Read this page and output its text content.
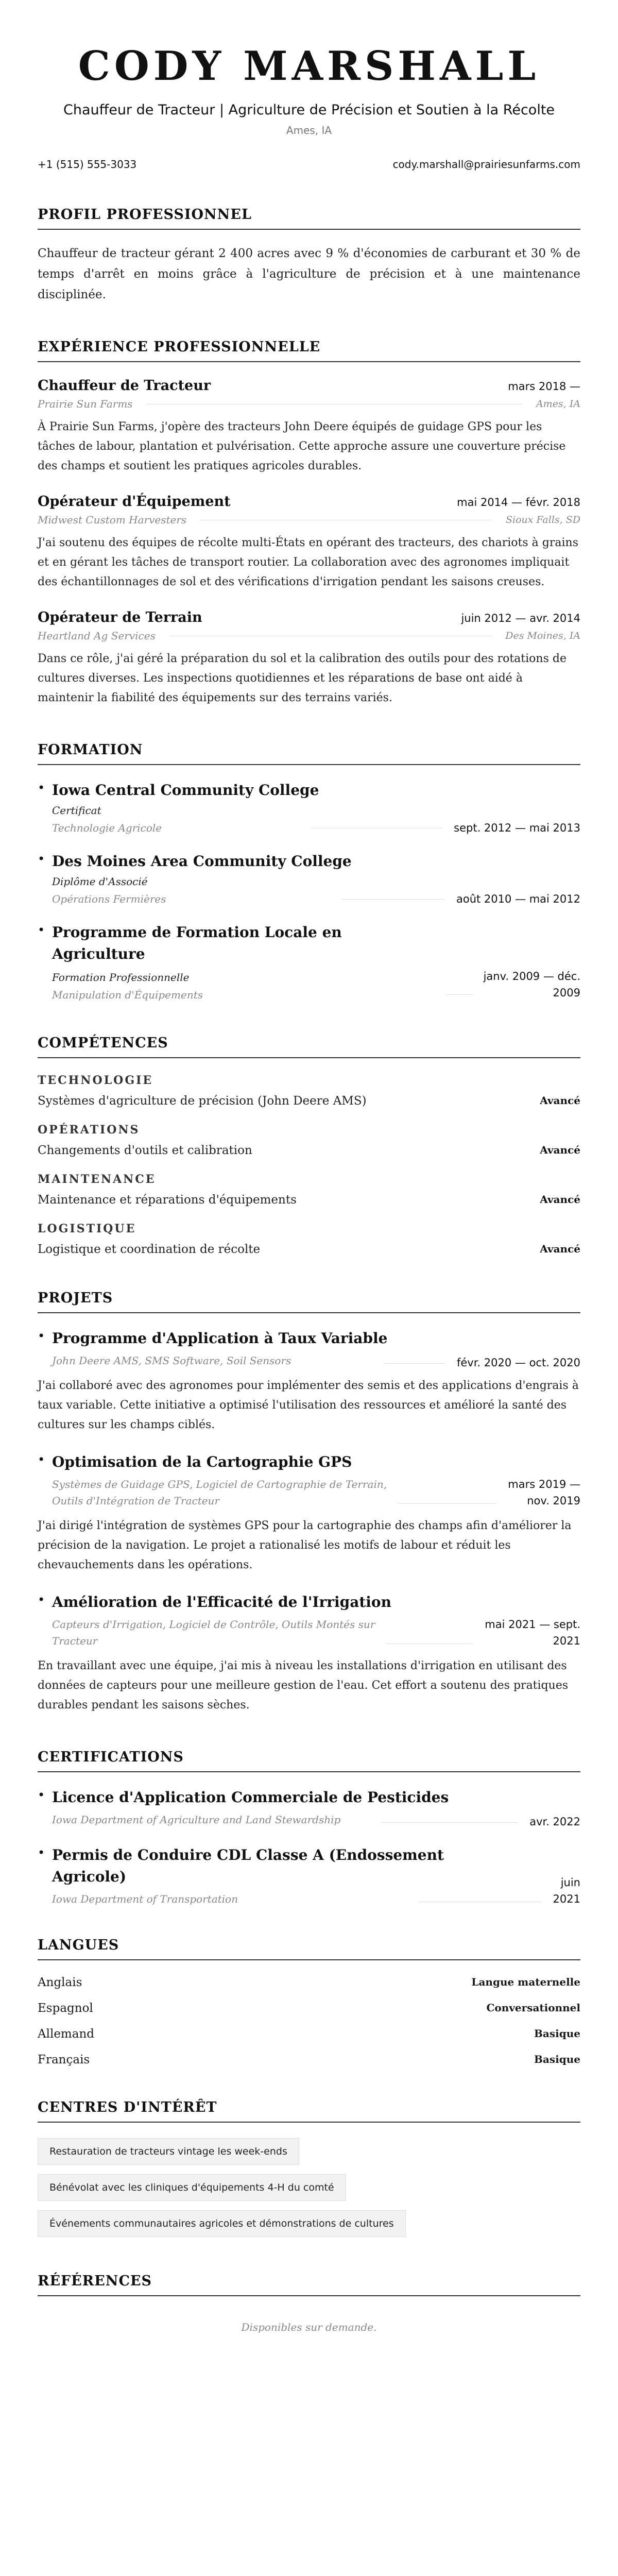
CODY MARSHALL
Chauffeur de Tracteur | Agriculture de Précision et Soutien à la Récolte
Ames, IA
+1 (515) 555-3033	cody.marshall@prairiesunfarms.com
PROFIL PROFESSIONNEL

Chauffeur de tracteur gérant 2 400 acres avec 9 % d'économies de carburant et 30 % de temps d'arrêt en moins grâce à l'agriculture de précision et à une maintenance disciplinée.

EXPÉRIENCE PROFESSIONNELLE
Chauffeur de Tracteur	mars 2018 —
Prairie Sun Farms	Ames, IA

À Prairie Sun Farms, j'opère des tracteurs John Deere équipés de guidage GPS pour les tâches de labour, plantation et pulvérisation. Cette approche assure une couverture précise des champs et soutient les pratiques agricoles durables.

Opérateur d'Équipement	mai 2014 — févr. 2018
Midwest Custom Harvesters	Sioux Falls, SD

J'ai soutenu des équipes de récolte multi-États en opérant des tracteurs, des chariots à grains et en gérant les tâches de transport routier. La collaboration avec des agronomes impliquait des échantillonnages de sol et des vérifications d'irrigation pendant les saisons creuses.

Opérateur de Terrain	juin 2012 — avr. 2014
Heartland Ag Services	Des Moines, IA

Dans ce rôle, j'ai géré la préparation du sol et la calibration des outils pour des rotations de cultures diverses. Les inspections quotidiennes et les réparations de base ont aidé à maintenir la fiabilité des équipements sur des terrains variés.

FORMATION
• Iowa Central Community College
Certificat
Technologie Agricole	sept. 2012 — mai 2013
• Des Moines Area Community College
Diplôme d'Associé
Opérations Fermières	août 2010 — mai 2012
• Programme de Formation Locale en Agriculture
Formation Professionnelle
Manipulation d'Équipements
janv. 2009 — déc.
2009
COMPÉTENCES
TECHNOLOGIE
Systèmes d'agriculture de précision (John Deere AMS)	Avancé
OPÉRATIONS
Changements d'outils et calibration	Avancé
MAINTENANCE
Maintenance et réparations d'équipements	Avancé
LOGISTIQUE
Logistique et coordination de récolte	Avancé
PROJETS
• Programme d'Application à Taux Variable
John Deere AMS, SMS Software, Soil Sensors	févr. 2020 — oct. 2020

J'ai collaboré avec des agronomes pour implémenter des semis et des applications d'engrais à taux variable. Cette initiative a optimisé l'utilisation des ressources et amélioré la santé des cultures sur les champs ciblés.

• Optimisation de la Cartographie GPS
Systèmes de Guidage GPS, Logiciel de Cartographie de Terrain,
Outils d'Intégration de Tracteur
mars 2019 —
nov. 2019

J'ai dirigé l'intégration de systèmes GPS pour la cartographie des champs afin d'améliorer la précision de la navigation. Le projet a rationalisé les motifs de labour et réduit les chevauchements dans les opérations.

• Amélioration de l'Efficacité de l'Irrigation
Capteurs d'Irrigation, Logiciel de Contrôle, Outils Montés sur
Tracteur
mai 2021 — sept.
2021

En travaillant avec une équipe, j'ai mis à niveau les installations d'irrigation en utilisant des données de capteurs pour une meilleure gestion de l'eau. Cet effort a soutenu des pratiques durables pendant les saisons sèches.

CERTIFICATIONS
• Licence d'Application Commerciale de Pesticides
Iowa Department of Agriculture and Land Stewardship	avr. 2022
• Permis de Conduire CDL Classe A (Endossement Agricole)
Iowa Department of Transportation
juin
2021
LANGUES
Anglais	Langue maternelle
Espagnol	Conversationnel
Allemand	Basique
Français	Basique
CENTRES D'INTÉRÊT
Restauration de tracteurs vintage les week-ends
Bénévolat avec les cliniques d'équipements 4-H du comté
Événements communautaires agricoles et démonstrations de cultures
RÉFÉRENCES
Disponibles sur demande.
